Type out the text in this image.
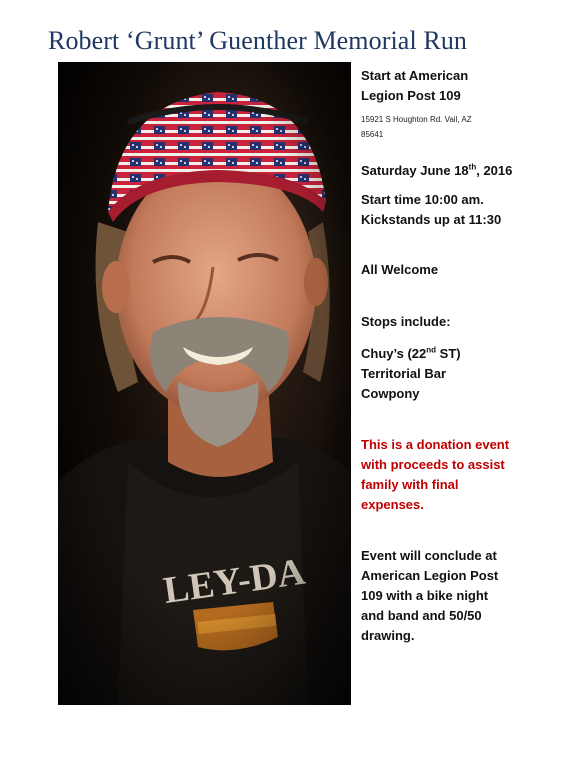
Robert ‘Grunt’ Guenther Memorial Run

Start at American
Legion Post 109

15921 S Houghton Rd. Vail, AZ
85641

Saturday June 18th, 2016

Start time 10:00 am.
Kickstands up at 11:30

All Welcome

Stops include:

Chuy’s (22nd ST)
Territorial Bar
Cowpony

This is a donation event
with proceeds to assist
family with final
expenses.

Event will conclude at
American Legion Post
109 with a bike night
and band and 50/50
drawing.
